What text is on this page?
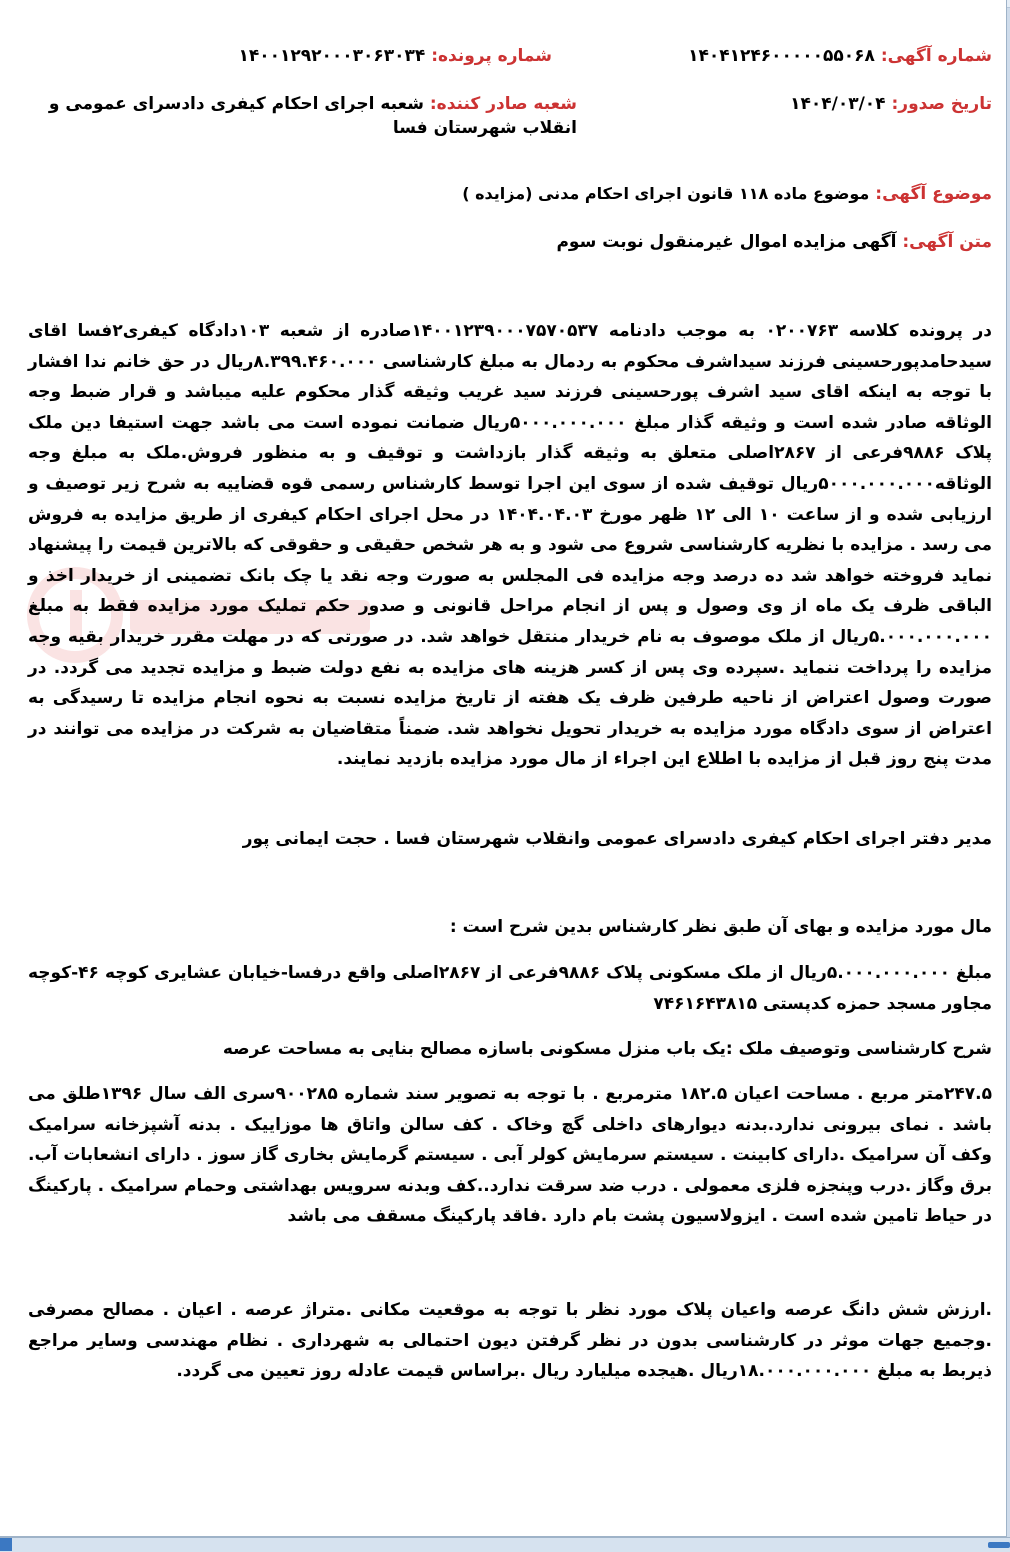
شماره آگهی: ۱۴۰۴۱۲۴۶۰۰۰۰۰۵۵۰۶۸
شماره پرونده: ۱۴۰۰۱۲۹۲۰۰۰۳۰۶۳۰۳۴
تاریخ صدور: ۱۴۰۴/۰۳/۰۴
شعبه صادر کننده: شعبه اجرای احکام کیفری دادسرای عمومی و انقلاب شهرستان فسا
موضوع آگهی: موضوع ماده ۱۱۸ قانون اجرای احکام مدنی (مزایده )
متن آگهی: آگهی مزایده اموال غیرمنقول نوبت سوم

در پرونده کلاسه ۰۲۰۰۷۶۳ به موجب دادنامه ۱۴۰۰۱۲۳۹۰۰۰۷۵۷۰۵۳۷صادره از شعبه ۱۰۳دادگاه کیفری۲فسا اقای سیدحامدپورحسینی فرزند سیداشرف محکوم به ردمال به مبلغ کارشناسی ۸.۳۹۹.۴۶۰.۰۰۰ریال در حق خانم ندا افشار با توجه به اینکه اقای سید اشرف پورحسینی فرزند سید غریب وثیقه گذار محکوم علیه میباشد و قرار ضبط وجه الوثاقه صادر شده است و وثیقه گذار مبلغ ۵۰۰۰.۰۰۰.۰۰۰ریال ضمانت نموده است می باشد جهت استیفا دین ملک پلاک ۹۸۸۶فرعی از ۲۸۶۷اصلی متعلق به وثیقه گذار بازداشت و توقیف و به منظور فروش.ملک به مبلغ وجه الوثاقه۵۰۰۰.۰۰۰.۰۰۰ریال توقیف شده از سوی این اجرا توسط کارشناس رسمی قوه قضاییه به شرح زیر توصیف و ارزیابی شده و از ساعت ۱۰ الی ۱۲ ظهر مورخ ۱۴۰۴.۰۴.۰۳ در محل اجرای احکام کیفری از طریق مزایده به فروش می رسد . مزایده با نظریه کارشناسی شروع می شود و به هر شخص حقیقی و حقوقی که بالاترین قیمت را پیشنهاد نماید فروخته خواهد شد ده درصد وجه مزایده فی المجلس به صورت وجه نقد یا چک بانک تضمینی از خریدار اخذ و الباقی ظرف یک ماه از وی وصول و پس از انجام مراحل قانونی و صدور حکم تملیک مورد مزایده فقط به مبلغ ۵.۰۰۰.۰۰۰.۰۰۰ریال از ملک موصوف به نام خریدار منتقل خواهد شد. در صورتی که در مهلت مقرر خریدار بقیه وجه مزایده را پرداخت ننماید .سپرده وی پس از کسر هزینه های مزایده به نفع دولت ضبط و مزایده تجدید می گردد. در صورت وصول اعتراض از ناحیه طرفین ظرف یک هفته از تاریخ مزایده نسبت به نحوه انجام مزایده تا رسیدگی به اعتراض از سوی دادگاه مورد مزایده به خریدار تحویل نخواهد شد. ضمناً متقاضیان به شرکت در مزایده می توانند در مدت پنج روز قبل از مزایده با اطلاع این اجراء از مال مورد مزایده بازدید نمایند.

مدیر دفتر اجرای احکام کیفری دادسرای عمومی وانقلاب شهرستان فسا . حجت ایمانی پور

مال مورد مزایده و بهای آن طبق نظر کارشناس بدین شرح است :

مبلغ ۵.۰۰۰.۰۰۰.۰۰۰ریال از ملک مسکونی پلاک ۹۸۸۶فرعی از ۲۸۶۷اصلی واقع درفسا-خیابان عشایری کوچه ۴۶-کوچه مجاور مسجد حمزه کدپستی ۷۴۶۱۶۴۳۸۱۵

شرح کارشناسی وتوصیف ملک :یک باب منزل مسکونی باسازه مصالح بنایی به مساحت عرصه

۲۴۷.۵متر مربع . مساحت اعیان ۱۸۲.۵ مترمربع . با توجه به تصویر سند شماره ۹۰۰۲۸۵سری الف سال ۱۳۹۶طلق می باشد . نمای بیرونی ندارد.بدنه دیوارهای داخلی گچ وخاک . کف سالن واتاق ها موزاییک . بدنه آشپزخانه سرامیک وکف آن سرامیک .دارای کابینت . سیستم سرمایش کولر آبی . سیستم گرمایش بخاری گاز سوز . دارای انشعابات آب. برق وگاز .درب وپنجزه فلزی معمولی . درب ضد سرقت ندارد..کف وبدنه سرویس بهداشتی وحمام سرامیک . پارکینگ در حیاط تامین شده است . ایزولاسیون پشت بام دارد .فاقد پارکینگ مسقف می باشد

.ارزش شش دانگ عرصه واعیان پلاک مورد نظر با توجه به موقعیت مکانی .متراژ عرصه . اعیان . مصالح مصرفی .وجمیع جهات موثر در کارشناسی بدون در نظر گرفتن دیون احتمالی به شهرداری . نظام مهندسی وسایر مراجع ذیربط به مبلغ ۱۸.۰۰۰.۰۰۰.۰۰۰ریال .هیجده میلیارد ریال .براساس قیمت عادله روز تعیین می گردد.
